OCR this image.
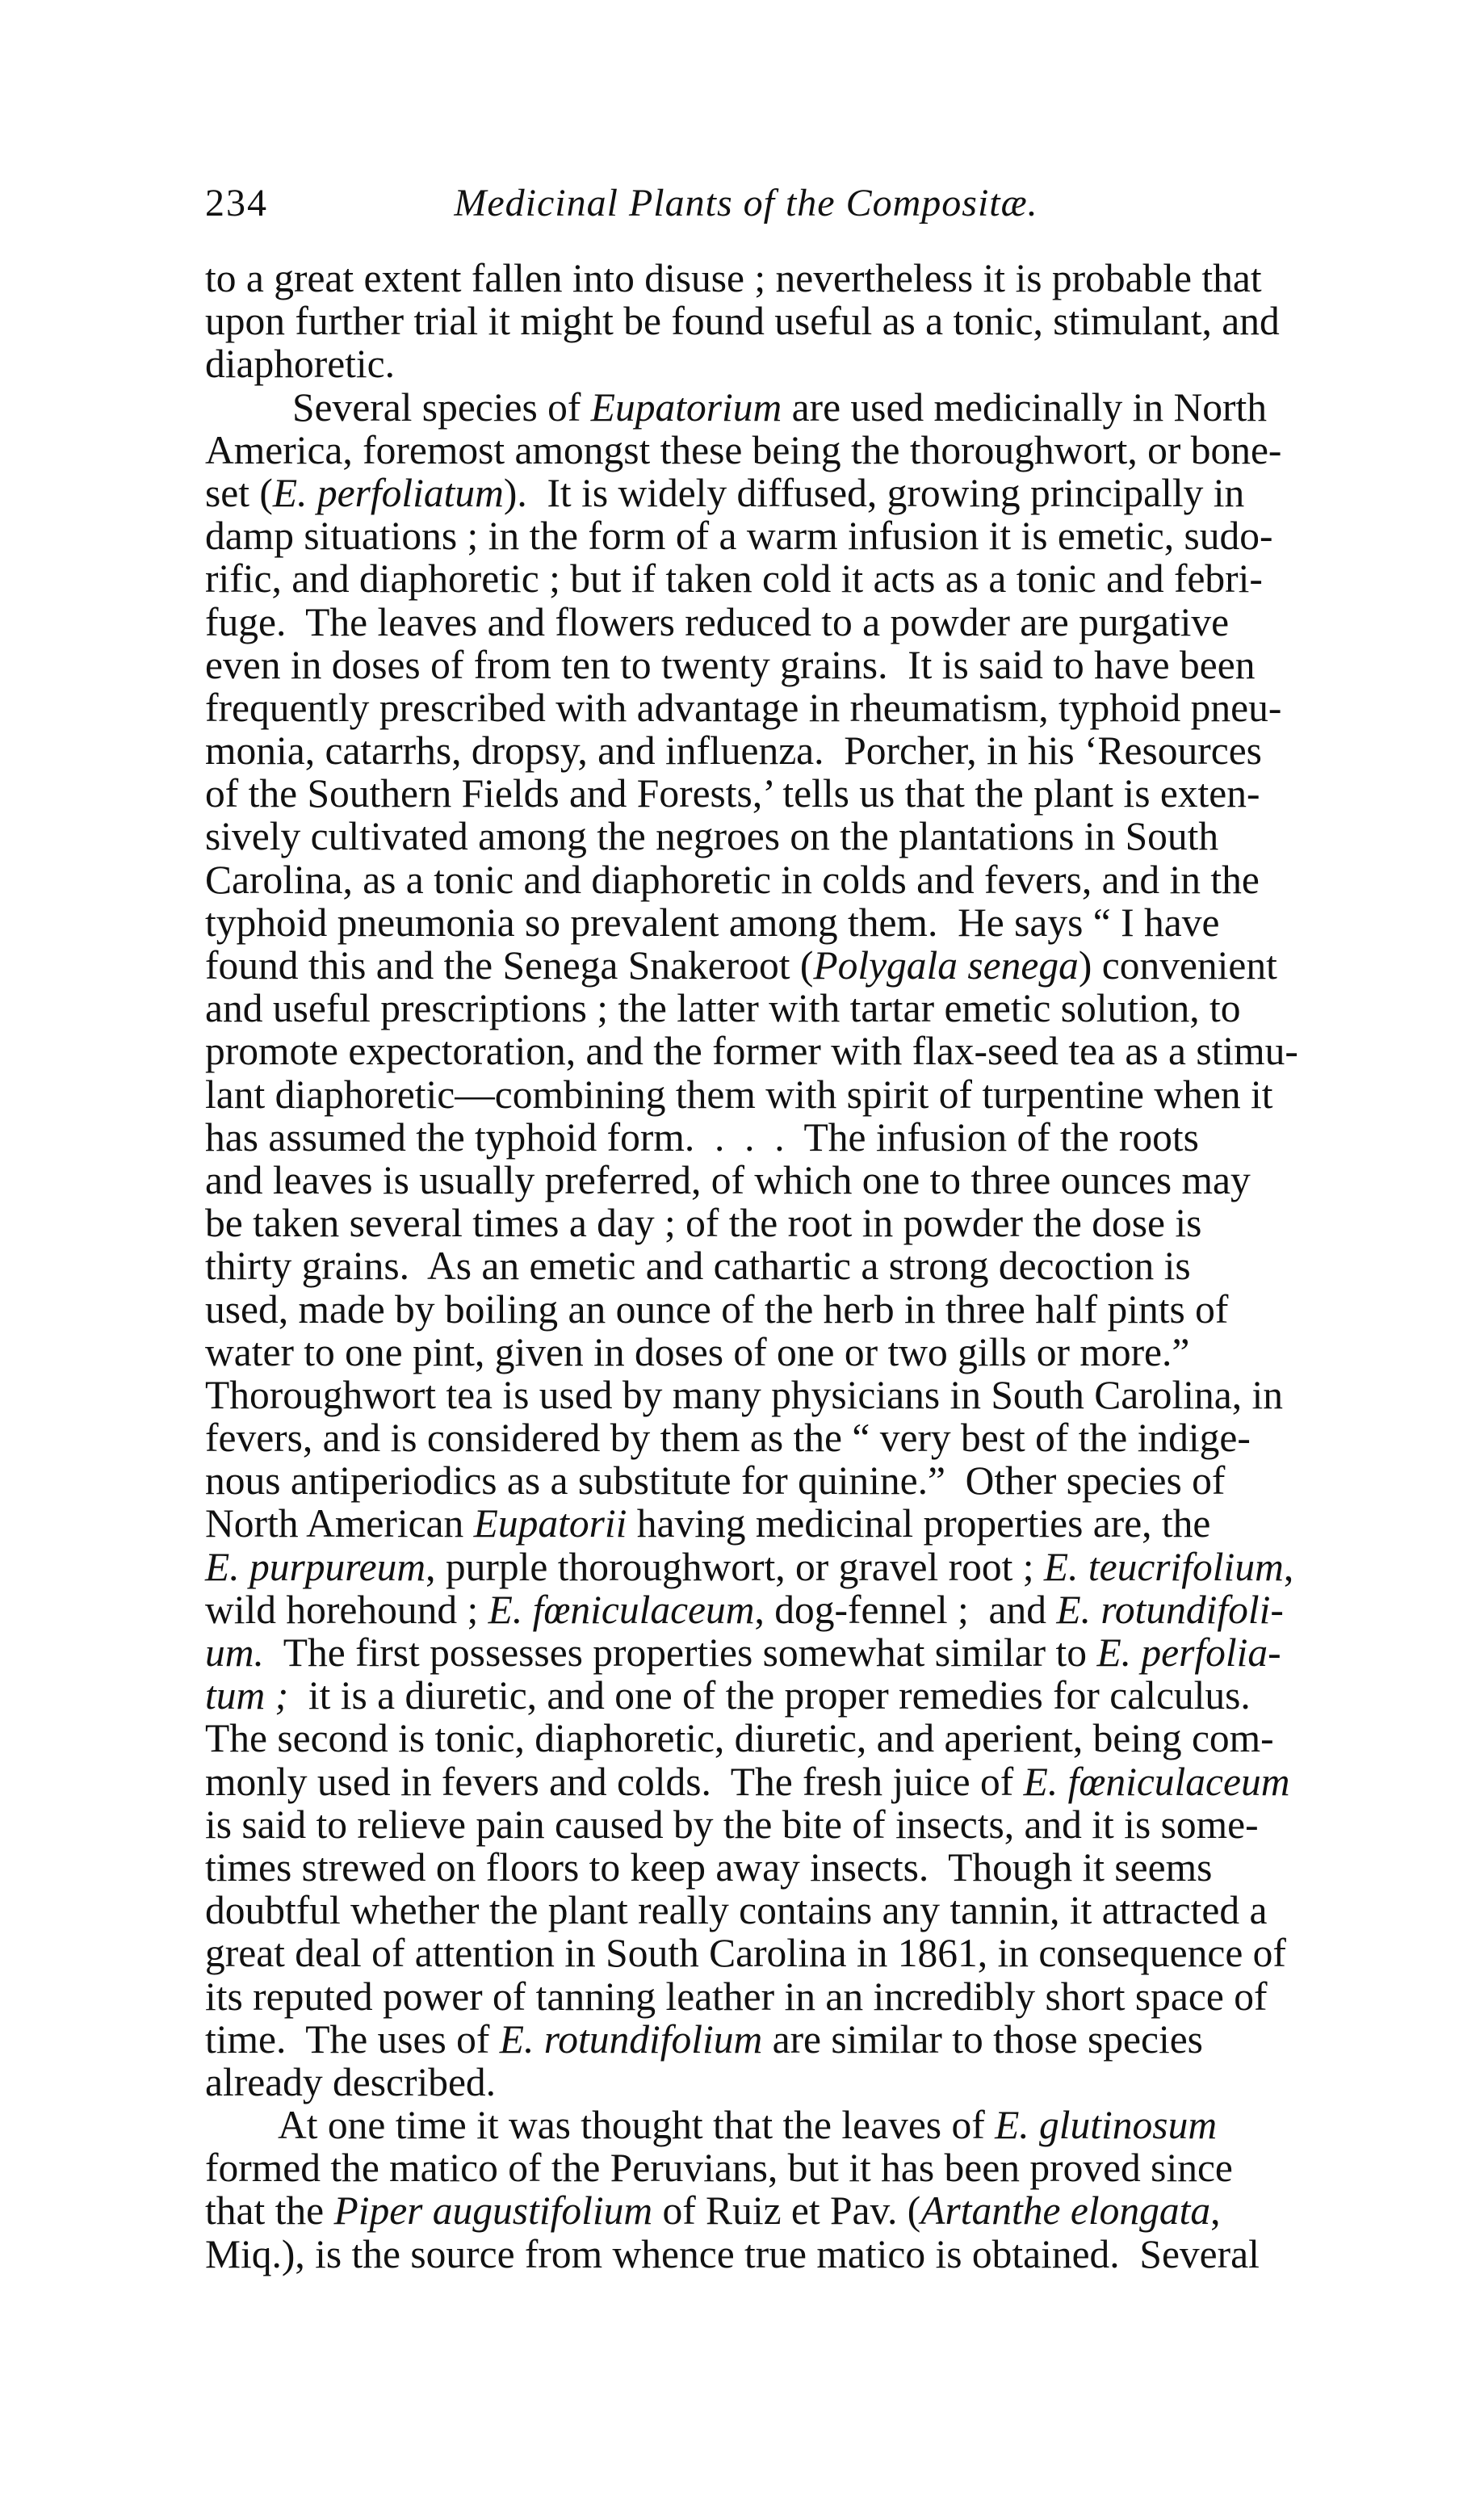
234	Medicinal Plants of the Compositæ.
to a great extent fallen into disuse ; nevertheless it is probable that
upon further trial it might be found useful as a tonic, stimulant, and
diaphoretic.
Several species of Eupatorium are used medicinally in North
America, foremost amongst these being the thoroughwort, or bone-
set (E. perfoliatum).  It is widely diffused, growing principally in
damp situations ; in the form of a warm infusion it is emetic, sudo-
rific, and diaphoretic ; but if taken cold it acts as a tonic and febri-
fuge.  The leaves and flowers reduced to a powder are purgative
even in doses of from ten to twenty grains.  It is said to have been
frequently prescribed with advantage in rheumatism, typhoid pneu-
monia, catarrhs, dropsy, and influenza.  Porcher, in his ‘Resources
of the Southern Fields and Forests,’ tells us that the plant is exten-
sively cultivated among the negroes on the plantations in South
Carolina, as a tonic and diaphoretic in colds and fevers, and in the
typhoid pneumonia so prevalent among them.  He says “ I have
found this and the Senega Snakeroot (Polygala senega) convenient
and useful prescriptions ; the latter with tartar emetic solution, to
promote expectoration, and the former with flax-seed tea as a stimu-
lant diaphoretic—combining them with spirit of turpentine when it
has assumed the typhoid form.  .  .  .  The infusion of the roots
and leaves is usually preferred, of which one to three ounces may
be taken several times a day ; of the root in powder the dose is
thirty grains.  As an emetic and cathartic a strong decoction is
used, made by boiling an ounce of the herb in three half pints of
water to one pint, given in doses of one or two gills or more.”
Thoroughwort tea is used by many physicians in South Carolina, in
fevers, and is considered by them as the “ very best of the indige-
nous antiperiodics as a substitute for quinine.”  Other species of
North American Eupatorii having medicinal properties are, the
E. purpureum, purple thoroughwort, or gravel root ; E. teucrifolium,
wild horehound ; E. fœniculaceum, dog-fennel ;  and E. rotundifoli-
um.  The first possesses properties somewhat similar to E. perfolia-
tum ;  it is a diuretic, and one of the proper remedies for calculus.
The second is tonic, diaphoretic, diuretic, and aperient, being com-
monly used in fevers and colds.  The fresh juice of E. fœniculaceum
is said to relieve pain caused by the bite of insects, and it is some-
times strewed on floors to keep away insects.  Though it seems
doubtful whether the plant really contains any tannin, it attracted a
great deal of attention in South Carolina in 1861, in consequence of
its reputed power of tanning leather in an incredibly short space of
time.  The uses of E. rotundifolium are similar to those species
already described.
At one time it was thought that the leaves of E. glutinosum
formed the matico of the Peruvians, but it has been proved since
that the Piper augustifolium of Ruiz et Pav. (Artanthe elongata,
Miq.), is the source from whence true matico is obtained.  Several
